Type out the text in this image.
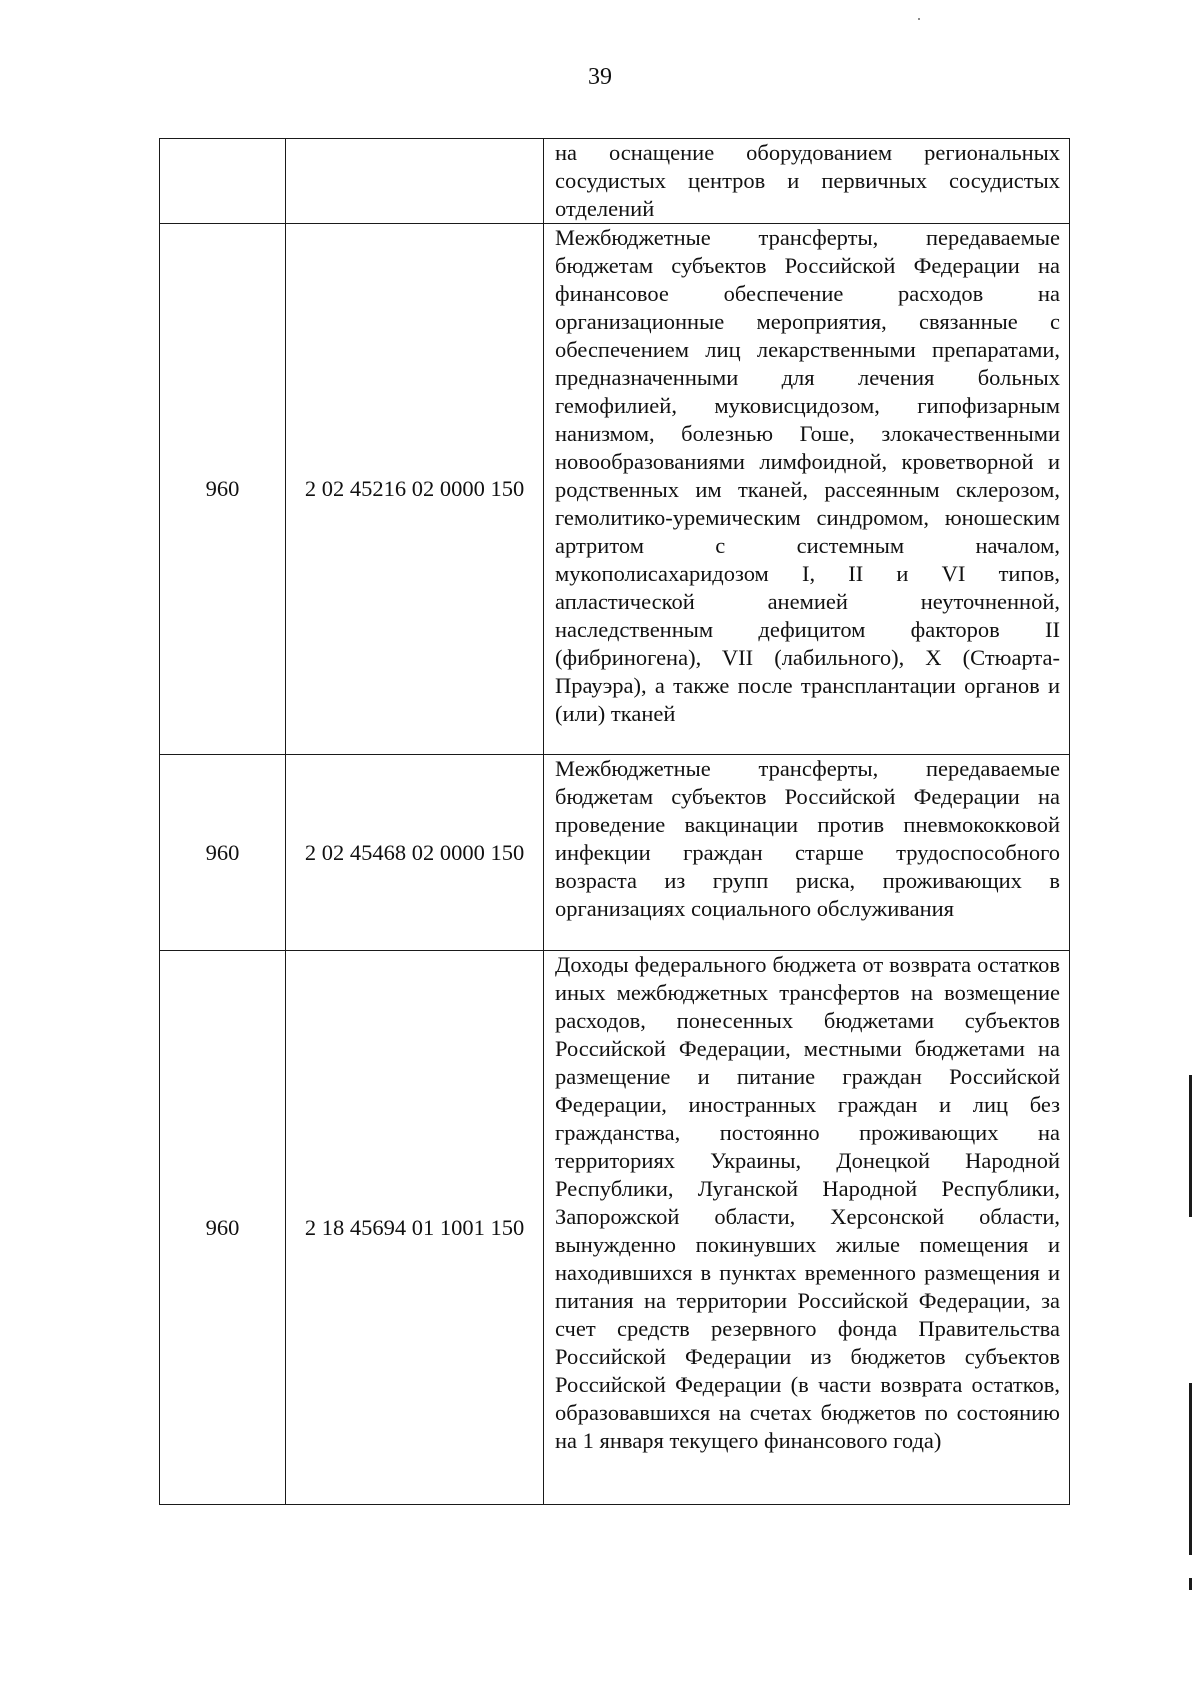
39

		на оснащение оборудованием региональных сосудистых центров и первичных сосудистых отделений

960	2 02 45216 02 0000 150	Межбюджетные трансферты, передаваемые бюджетам субъектов Российской Федерации на финансовое обеспечение расходов на организационные мероприятия, связанные с обеспечением лиц лекарственными препаратами, предназначенными для лечения больных гемофилией, муковисцидозом, гипофизарным нанизмом, болезнью Гоше, злокачественными новообразованиями лимфоидной, кроветворной и родственных им тканей, рассеянным склерозом, гемолитико-уремическим синдромом, юношеским артритом с системным началом, мукополисахаридозом I, II и VI типов, апластической анемией неуточненной, наследственным дефицитом факторов II (фибриногена), VII (лабильного), X (Стюарта-Прауэра), а также после трансплантации органов и (или) тканей

960	2 02 45468 02 0000 150	Межбюджетные трансферты, передаваемые бюджетам субъектов Российской Федерации на проведение вакцинации против пневмококковой инфекции граждан старше трудоспособного возраста из групп риска, проживающих в организациях социального обслуживания

960	2 18 45694 01 1001 150	Доходы федерального бюджета от возврата остатков иных межбюджетных трансфертов на возмещение расходов, понесенных бюджетами субъектов Российской Федерации, местными бюджетами на размещение и питание граждан Российской Федерации, иностранных граждан и лиц без гражданства, постоянно проживающих на территориях Украины, Донецкой Народной Республики, Луганской Народной Республики, Запорожской области, Херсонской области, вынужденно покинувших жилые помещения и находившихся в пунктах временного размещения и питания на территории Российской Федерации, за счет средств резервного фонда Правительства Российской Федерации из бюджетов субъектов Российской Федерации (в части возврата остатков, образовавшихся на счетах бюджетов по состоянию на 1 января текущего финансового года)
